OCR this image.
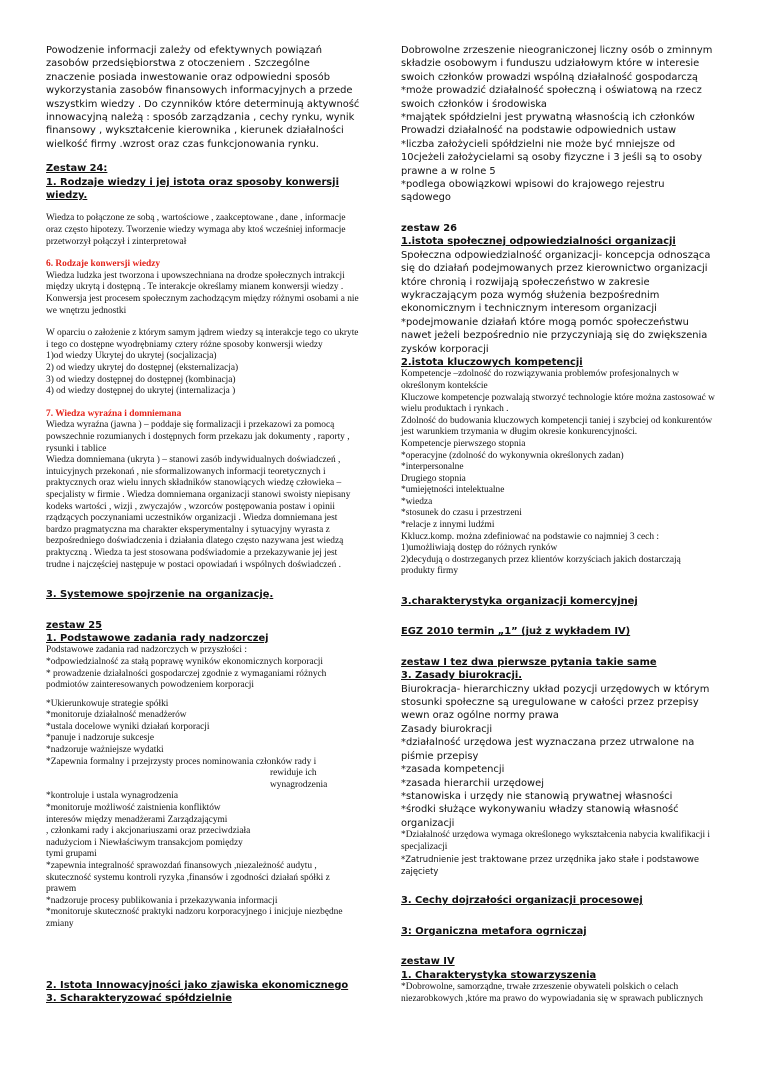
Powodzenie informacji zależy od efektywnych powiązań zasobów przedsiębiorstwa z otoczeniem . Szczególne znaczenie posiada inwestowanie oraz odpowiedni sposób wykorzystania zasobów finansowych informacyjnych a przede wszystkim wiedzy . Do czynników które determinują aktywność innowacyjną należą : sposób zarządzania , cechy rynku, wynik finansowy , wykształcenie kierownika , kierunek działalności wielkość firmy .wzrost oraz czas funkcjonowania rynku.

Zestaw 24:
1. Rodzaje wiedzy i jej istota oraz sposoby konwersji wiedzy.

Wiedza to połączone ze sobą , wartościowe , zaakceptowane , dane , informacje oraz często hipotezy. Tworzenie wiedzy wymaga aby ktoś wcześniej informacje przetworzył połączył i zinterpretował

6. Rodzaje konwersji wiedzy

Wiedza ludzka jest tworzona i upowszechniana na drodze społecznych intrakcji między ukrytą i dostępną . Te interakcje określamy mianem konwersji wiedzy . Konwersja jest procesem społecznym zachodzącym między różnymi osobami a nie we wnętrzu jednostki

W oparciu o założenie z którym samym jądrem wiedzy są interakcje tego co ukryte i tego co dostępne wyodrębniamy cztery różne sposoby konwersji wiedzy

1)od wiedzy Ukrytej do ukrytej (socjalizacja)
2) od wiedzy ukrytej do dostępnej (eksternalizacja)
3) od wiedzy dostępnej do dostępnej (kombinacja)
4) od wiedzy dostępnej do ukrytej (internalizacja )
7. Wiedza wyraźna i domniemana

Wiedza wyraźna (jawna ) – poddaje się formalizacji i przekazowi za pomocą powszechnie rozumianych i dostępnych form przekazu jak dokumenty , raporty , rysunki i tablice
Wiedza domniemana (ukryta ) – stanowi zasób indywidualnych doświadczeń , intuicyjnych przekonań , nie sformalizowanych informacji teoretycznych i praktycznych oraz wielu innych składników stanowiących wiedzę człowieka – specjalisty w firmie . Wiedza domniemana organizacji stanowi swoisty niepisany kodeks wartości , wizji , zwyczajów , wzorców postępowania postaw i opinii rządzących poczynaniami uczestników organizacji . Wiedza domniemana jest bardzo pragmatyczna ma charakter eksperymentalny i sytuacyjny wyrasta z bezpośredniego doświadczenia i działania dlatego często nazywana jest wiedzą praktyczną . Wiedza ta jest stosowana podświadomie a przekazywanie jej jest trudne i najczęściej następuje w postaci opowiadań i wspólnych doświadczeń .

3. Systemowe spojrzenie na organizację.
zestaw 25
1. Podstawowe zadania rady nadzorczej

Podstawowe zadania rad nadzorczych w przyszłości :
*odpowiedzialność za stałą poprawę wyników ekonomicznych korporacji
* prowadzenie działalności gospodarczej zgodnie z wymaganiami różnych podmiotów zainteresowanych powodzeniem korporacji

*Ukierunkowuje strategie spółki
*monitoruje działalność menadżerów
*ustala docelowe wyniki działań korporacji
*panuje i nadzoruje sukcesje
*nadzoruje ważniejsze wydatki
*Zapewnia formalny i przejrzysty proces nominowania członków rady i

rewiduje ich
wynagrodzenia

*kontroluje i ustala wynagrodzenia
*monitoruje możliwość zaistnienia konfliktów
interesów między menadżerami Zarządzającymi
, członkami rady i akcjonariuszami oraz przeciwdziała
nadużyciom i Niewłaściwym transakcjom pomiędzy
tymi grupami
*zapewnia integralność sprawozdań finansowych ,niezależność audytu , skuteczność systemu kontroli ryzyka ,finansów i zgodności działań spółki z prawem
*nadzoruje procesy publikowania i przekazywania informacji
*monitoruje skuteczność praktyki nadzoru korporacyjnego i inicjuje niezbędne zmiany

2. Istota Innowacyjności jako zjawiska ekonomicznego
3. Scharakteryzować spółdzielnie

Dobrowolne zrzeszenie nieograniczonej liczny osób o zminnym składzie osobowym i funduszu udziałowym które w interesie swoich członków prowadzi wspólną działalność gospodarczą
*może prowadzić działalność społeczną i oświatową na rzecz swoich członków i środowiska
*majątek spółdzielni jest prywatną własnością ich członków
Prowadzi działalność na podstawie odpowiednich ustaw
*liczba założycieli spółdzielni nie może być mniejsze od 10cjeżeli założycielami są osoby fizyczne i 3 jeśli są to osoby prawne a w rolne 5
*podlega obowiązkowi wpisowi do krajowego rejestru sądowego

zestaw 26
1.istota społecznej odpowiedzialności organizacji

Społeczna odpowiedzialność organizacji- koncepcja odnosząca się do działań podejmowanych przez kierownictwo organizacji które chronią i rozwijają społeczeństwo w zakresie wykraczającym poza wymóg służenia bezpośrednim ekonomicznym i technicznym interesom organizacji
*podejmowanie działań które mogą pomóc społeczeństwu nawet jeżeli bezpośrednio nie przyczyniają się do zwiększenia zysków korporacji

2.istota kluczowych kompetencji

Kompetencje –zdolność do rozwiązywania problemów profesjonalnych w określonym kontekście
Kluczowe kompetencje pozwalają stworzyć technologie które można zastosować w wielu produktach i rynkach .
Zdolność do budowania kluczowych kompetencji taniej i szybciej od konkurentów jest warunkiem trzymania w długim okresie konkurencyjności.
Kompetencje pierwszego stopnia
*operacyjne (zdolność do wykonywnia określonych zadan)
*interpersonalne
Drugiego stopnia
*umiejętności intelektualne
*wiedza
*stosunek do czasu i przestrzeni
*relacje z innymi ludźmi
Kklucz.komp. można zdefiniować na podstawie co najmniej 3 cech :
1)umożliwiają dostęp do różnych rynków
2)decydują o dostrzeganych przez klientów korzyściach jakich dostarczają produkty firmy

3.charakterystyka organizacji komercyjnej
EGZ 2010 termin „1” (już z wykładem IV)
zestaw I tez dwa pierwsze pytania takie same
3. Zasady biurokracji.

Biurokracja- hierarchiczny układ pozycji urzędowych w którym stosunki społeczne są uregulowane w całości przez przepisy wewn oraz ogólne normy prawa
Zasady biurokracji
*działalność urzędowa jest wyznaczana przez utrwalone na piśmie przepisy
*zasada kompetencji
*zasada hierarchii urzędowej
*stanowiska i urzędy nie stanowią prywatnej własności
*środki służące wykonywaniu władzy stanowią własność organizacji

*Działalność urzędowa wymaga określonego wykształcenia nabycia kwalifikacji i specjalizacji

*Zatrudnienie jest traktowane przez urzędnika jako stałe i podstawowe zajęciety

3. Cechy dojrzałości organizacji procesowej
3: Organiczna metafora ogrniczaj
zestaw IV
1. Charakterystyka stowarzyszenia

*Dobrowolne, samorządne, trwałe zrzeszenie obywateli polskich o celach niezarobkowych ,które ma prawo do wypowiadania się w sprawach publicznych
